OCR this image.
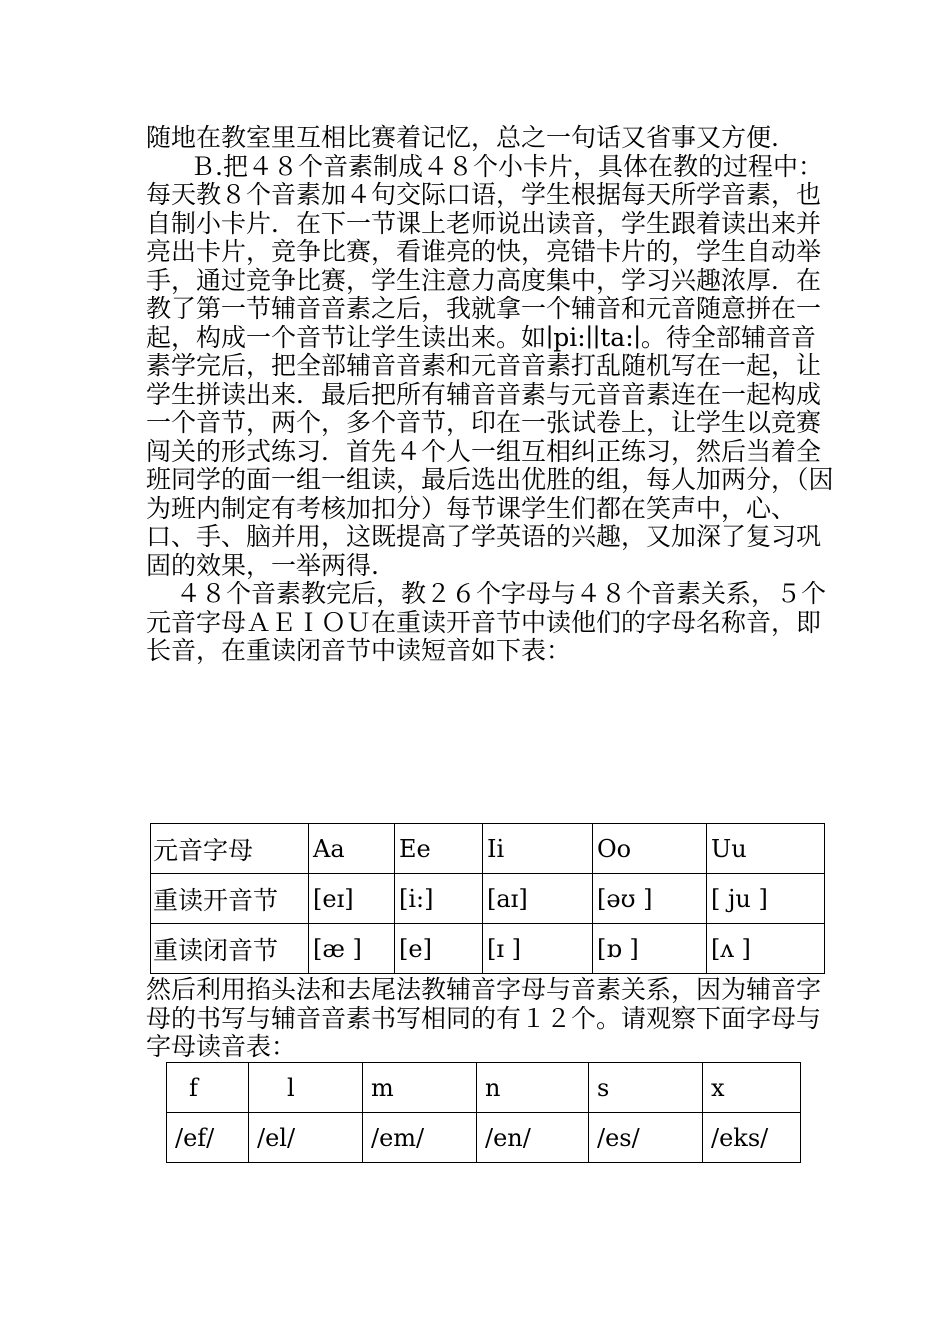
随地在教室里互相比赛着记忆，总之一句话又省事又方便.

Ｂ.把４８个音素制成４８个小卡片，具体在教的过程中：每天教８个音素加４句交际口语，学生根据每天所学音素，也自制小卡片．在下一节课上老师说出读音，学生跟着读出来并亮出卡片，竞争比赛，看谁亮的快，亮错卡片的，学生自动举手，通过竞争比赛，学生注意力高度集中，学习兴趣浓厚．在教了第一节辅音音素之后，我就拿一个辅音和元音随意拼在一起，构成一个音节让学生读出来。如∣pi:∣∣ta:∣。待全部辅音音素学完后，把全部辅音音素和元音音素打乱随机写在一起，让学生拼读出来．最后把所有辅音音素与元音音素连在一起构成一个音节，两个，多个音节，印在一张试卷上，让学生以竞赛闯关的形式练习．首先４个人一组互相纠正练习，然后当着全班同学的面一组一组读，最后选出优胜的组，每人加两分，（因为班内制定有考核加扣分）每节课学生们都在笑声中，心、口、手、脑并用，这既提高了学英语的兴趣，又加深了复习巩固的效果，一举两得.

４８个音素教完后，教２６个字母与４８个音素关系，５个元音字母ＡＥＩＯＵ在重读开音节中读他们的字母名称音，即长音，在重读闭音节中读短音如下表：

元音字母	Aa	Ee	Ii	Oo	Uu
重读开音节	[eɪ]	[i:]	[aɪ]	[əʊ ]	[ ju ]
重读闭音节	[æ ]	[e]	[ɪ ]	[ɒ ]	[ʌ ]

然后利用掐头法和去尾法教辅音字母与音素关系，因为辅音字母的书写与辅音音素书写相同的有１２个。请观察下面字母与字母读音表：

f	l	m	n	s	x
/ef/	/el/	/em/	/en/	/es/	/eks/
